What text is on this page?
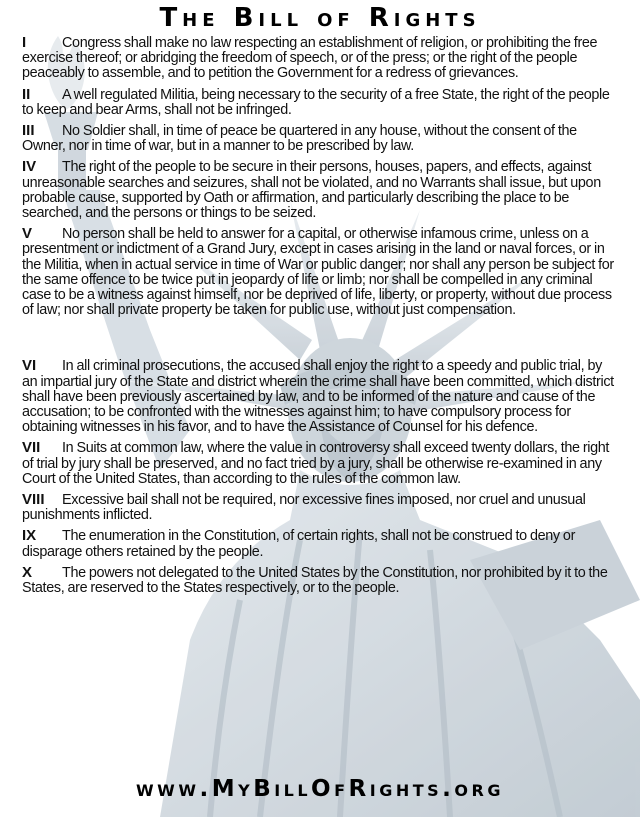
The Bill of Rights

I Congress shall make no law respecting an establishment of religion, or prohibiting the free exercise thereof; or abridging the freedom of speech, or of the press; or the right of the people peaceably to assemble, and to petition the Government for a redress of grievances.

II A well regulated Militia, being necessary to the security of a free State, the right of the people to keep and bear Arms, shall not be infringed.

III No Soldier shall, in time of peace be quartered in any house, without the consent of the Owner, nor in time of war, but in a manner to be prescribed by law.

IV The right of the people to be secure in their persons, houses, papers, and effects, against unreasonable searches and seizures, shall not be violated, and no Warrants shall issue, but upon probable cause, supported by Oath or affirmation, and particularly describing the place to be searched, and the persons or things to be seized.

V No person shall be held to answer for a capital, or otherwise infamous crime, unless on a presentment or indictment of a Grand Jury, except in cases arising in the land or naval forces, or in the Militia, when in actual service in time of War or public danger; nor shall any person be subject for the same offence to be twice put in jeopardy of life or limb; nor shall be compelled in any criminal case to be a witness against himself, nor be deprived of life, liberty, or property, without due process of law; nor shall private property be taken for public use, without just compensation.

VI In all criminal prosecutions, the accused shall enjoy the right to a speedy and public trial, by an impartial jury of the State and district wherein the crime shall have been committed, which district shall have been previously ascertained by law, and to be informed of the nature and cause of the accusation; to be confronted with the witnesses against him; to have compulsory process for obtaining witnesses in his favor, and to have the Assistance of Counsel for his defence.

VII In Suits at common law, where the value in controversy shall exceed twenty dollars, the right of trial by jury shall be preserved, and no fact tried by a jury, shall be otherwise re-examined in any Court of the United States, than according to the rules of the common law.

VIII Excessive bail shall not be required, nor excessive fines imposed, nor cruel and unusual punishments inflicted.

IX The enumeration in the Constitution, of certain rights, shall not be construed to deny or disparage others retained by the people.

X The powers not delegated to the United States by the Constitution, nor prohibited by it to the States, are reserved to the States respectively, or to the people.

www.MyBillOfRights.org
